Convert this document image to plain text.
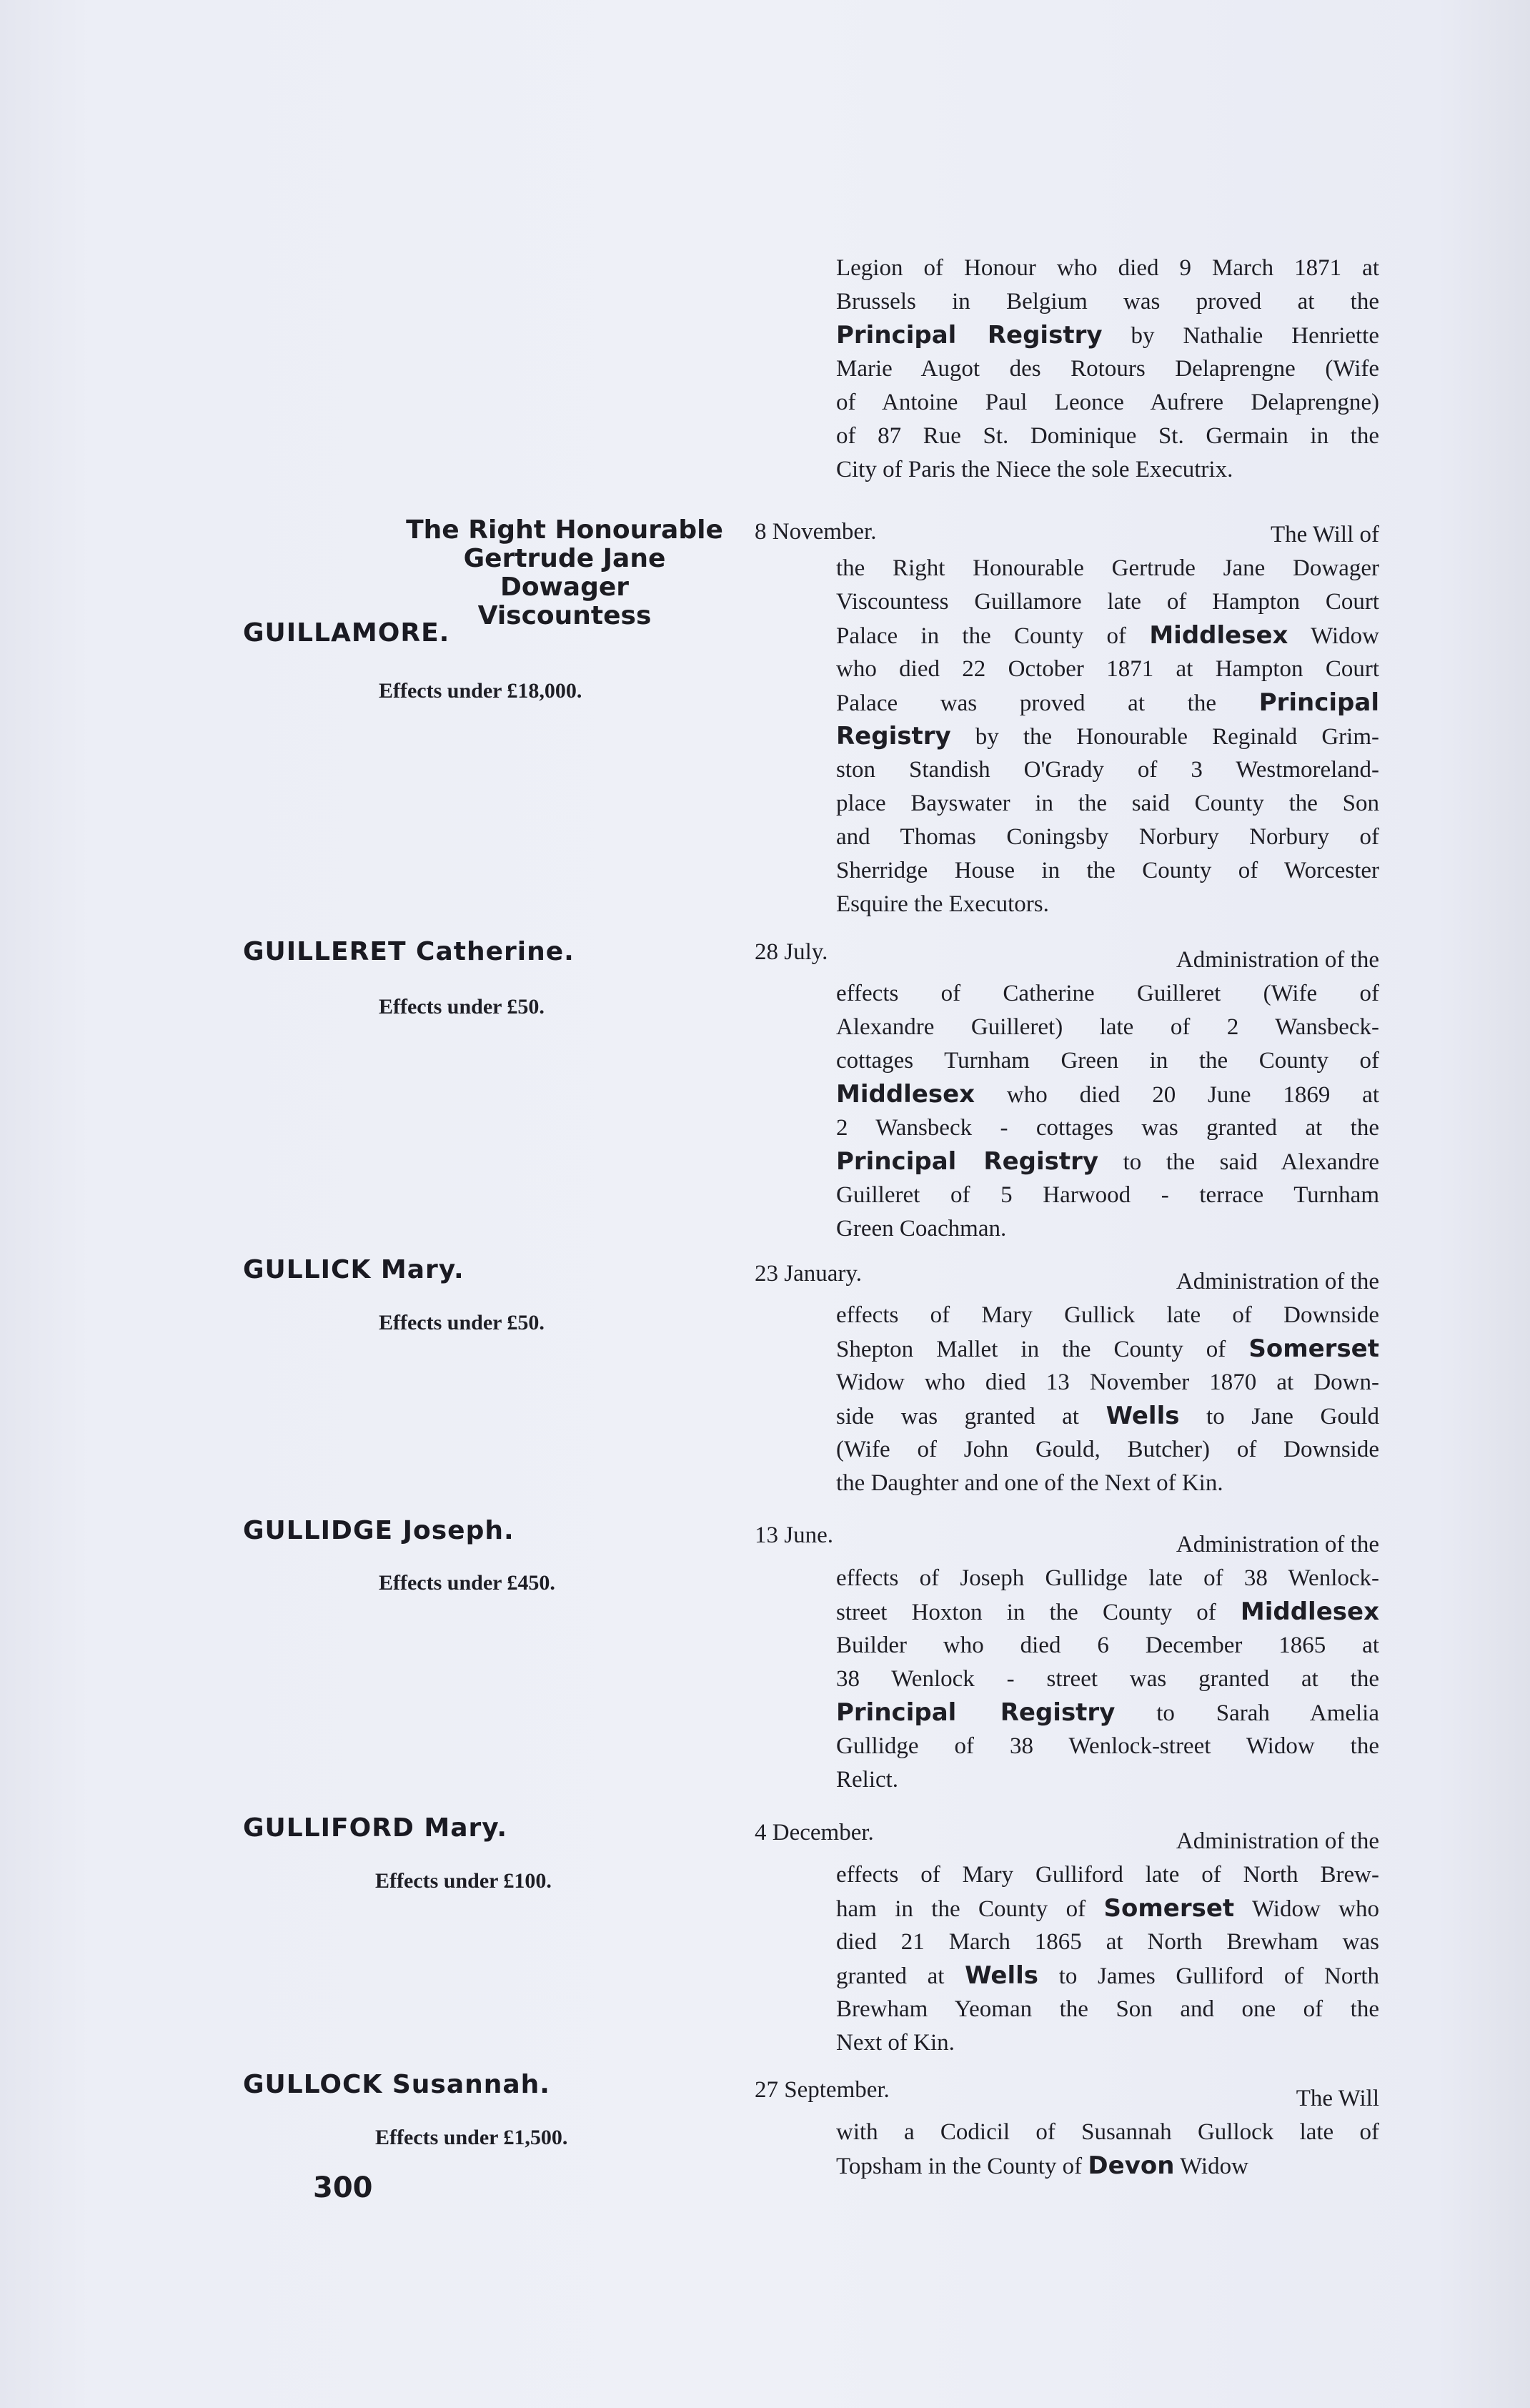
Legion of Honour who died 9 March 1871 at
Brussels in Belgium was proved at the
Principal Registry by Nathalie Henriette
Marie Augot des Rotours Delaprengne (Wife
of Antoine Paul Leonce Aufrere Delaprengne)
of 87 Rue St. Dominique St. Germain in the
City of Paris the Niece the sole Executrix.
The Right Honourable
Gertrude Jane
Dowager
Viscountess
GUILLAMORE.
Effects under £18,000.
8 November.	The Will of
the Right Honourable Gertrude Jane Dowager
Viscountess Guillamore late of Hampton Court
Palace in the County of Middlesex Widow
who died 22 October 1871 at Hampton Court
Palace was proved at the Principal
Registry by the Honourable Reginald Grim-
ston Standish O'Grady of 3 Westmoreland-
place Bayswater in the said County the Son
and Thomas Coningsby Norbury Norbury of
Sherridge House in the County of Worcester
Esquire the Executors.
GUILLERET Catherine.
Effects under £50.
28 July.	Administration of the
effects of Catherine Guilleret (Wife of
Alexandre Guilleret) late of 2 Wansbeck-
cottages Turnham Green in the County of
Middlesex who died 20 June 1869 at
2 Wansbeck - cottages was granted at the
Principal Registry to the said Alexandre
Guilleret of 5 Harwood - terrace Turnham
Green Coachman.
GULLICK Mary.
Effects under £50.
23 January.	Administration of the
effects of Mary Gullick late of Downside
Shepton Mallet in the County of Somerset
Widow who died 13 November 1870 at Down-
side was granted at Wells to Jane Gould
(Wife of John Gould, Butcher) of Downside
the Daughter and one of the Next of Kin.
GULLIDGE Joseph.
Effects under £450.
13 June.	Administration of the
effects of Joseph Gullidge late of 38 Wenlock-
street Hoxton in the County of Middlesex
Builder who died 6 December 1865 at
38 Wenlock - street was granted at the
Principal Registry to Sarah Amelia
Gullidge of 38 Wenlock-street Widow the
Relict.
GULLIFORD Mary.
Effects under £100.
4 December.	Administration of the
effects of Mary Gulliford late of North Brew-
ham in the County of Somerset Widow who
died 21 March 1865 at North Brewham was
granted at Wells to James Gulliford of North
Brewham Yeoman the Son and one of the
Next of Kin.
GULLOCK Susannah.
Effects under £1,500.
27 September.	The Will
with a Codicil of Susannah Gullock late of
Topsham in the County of Devon Widow
300
